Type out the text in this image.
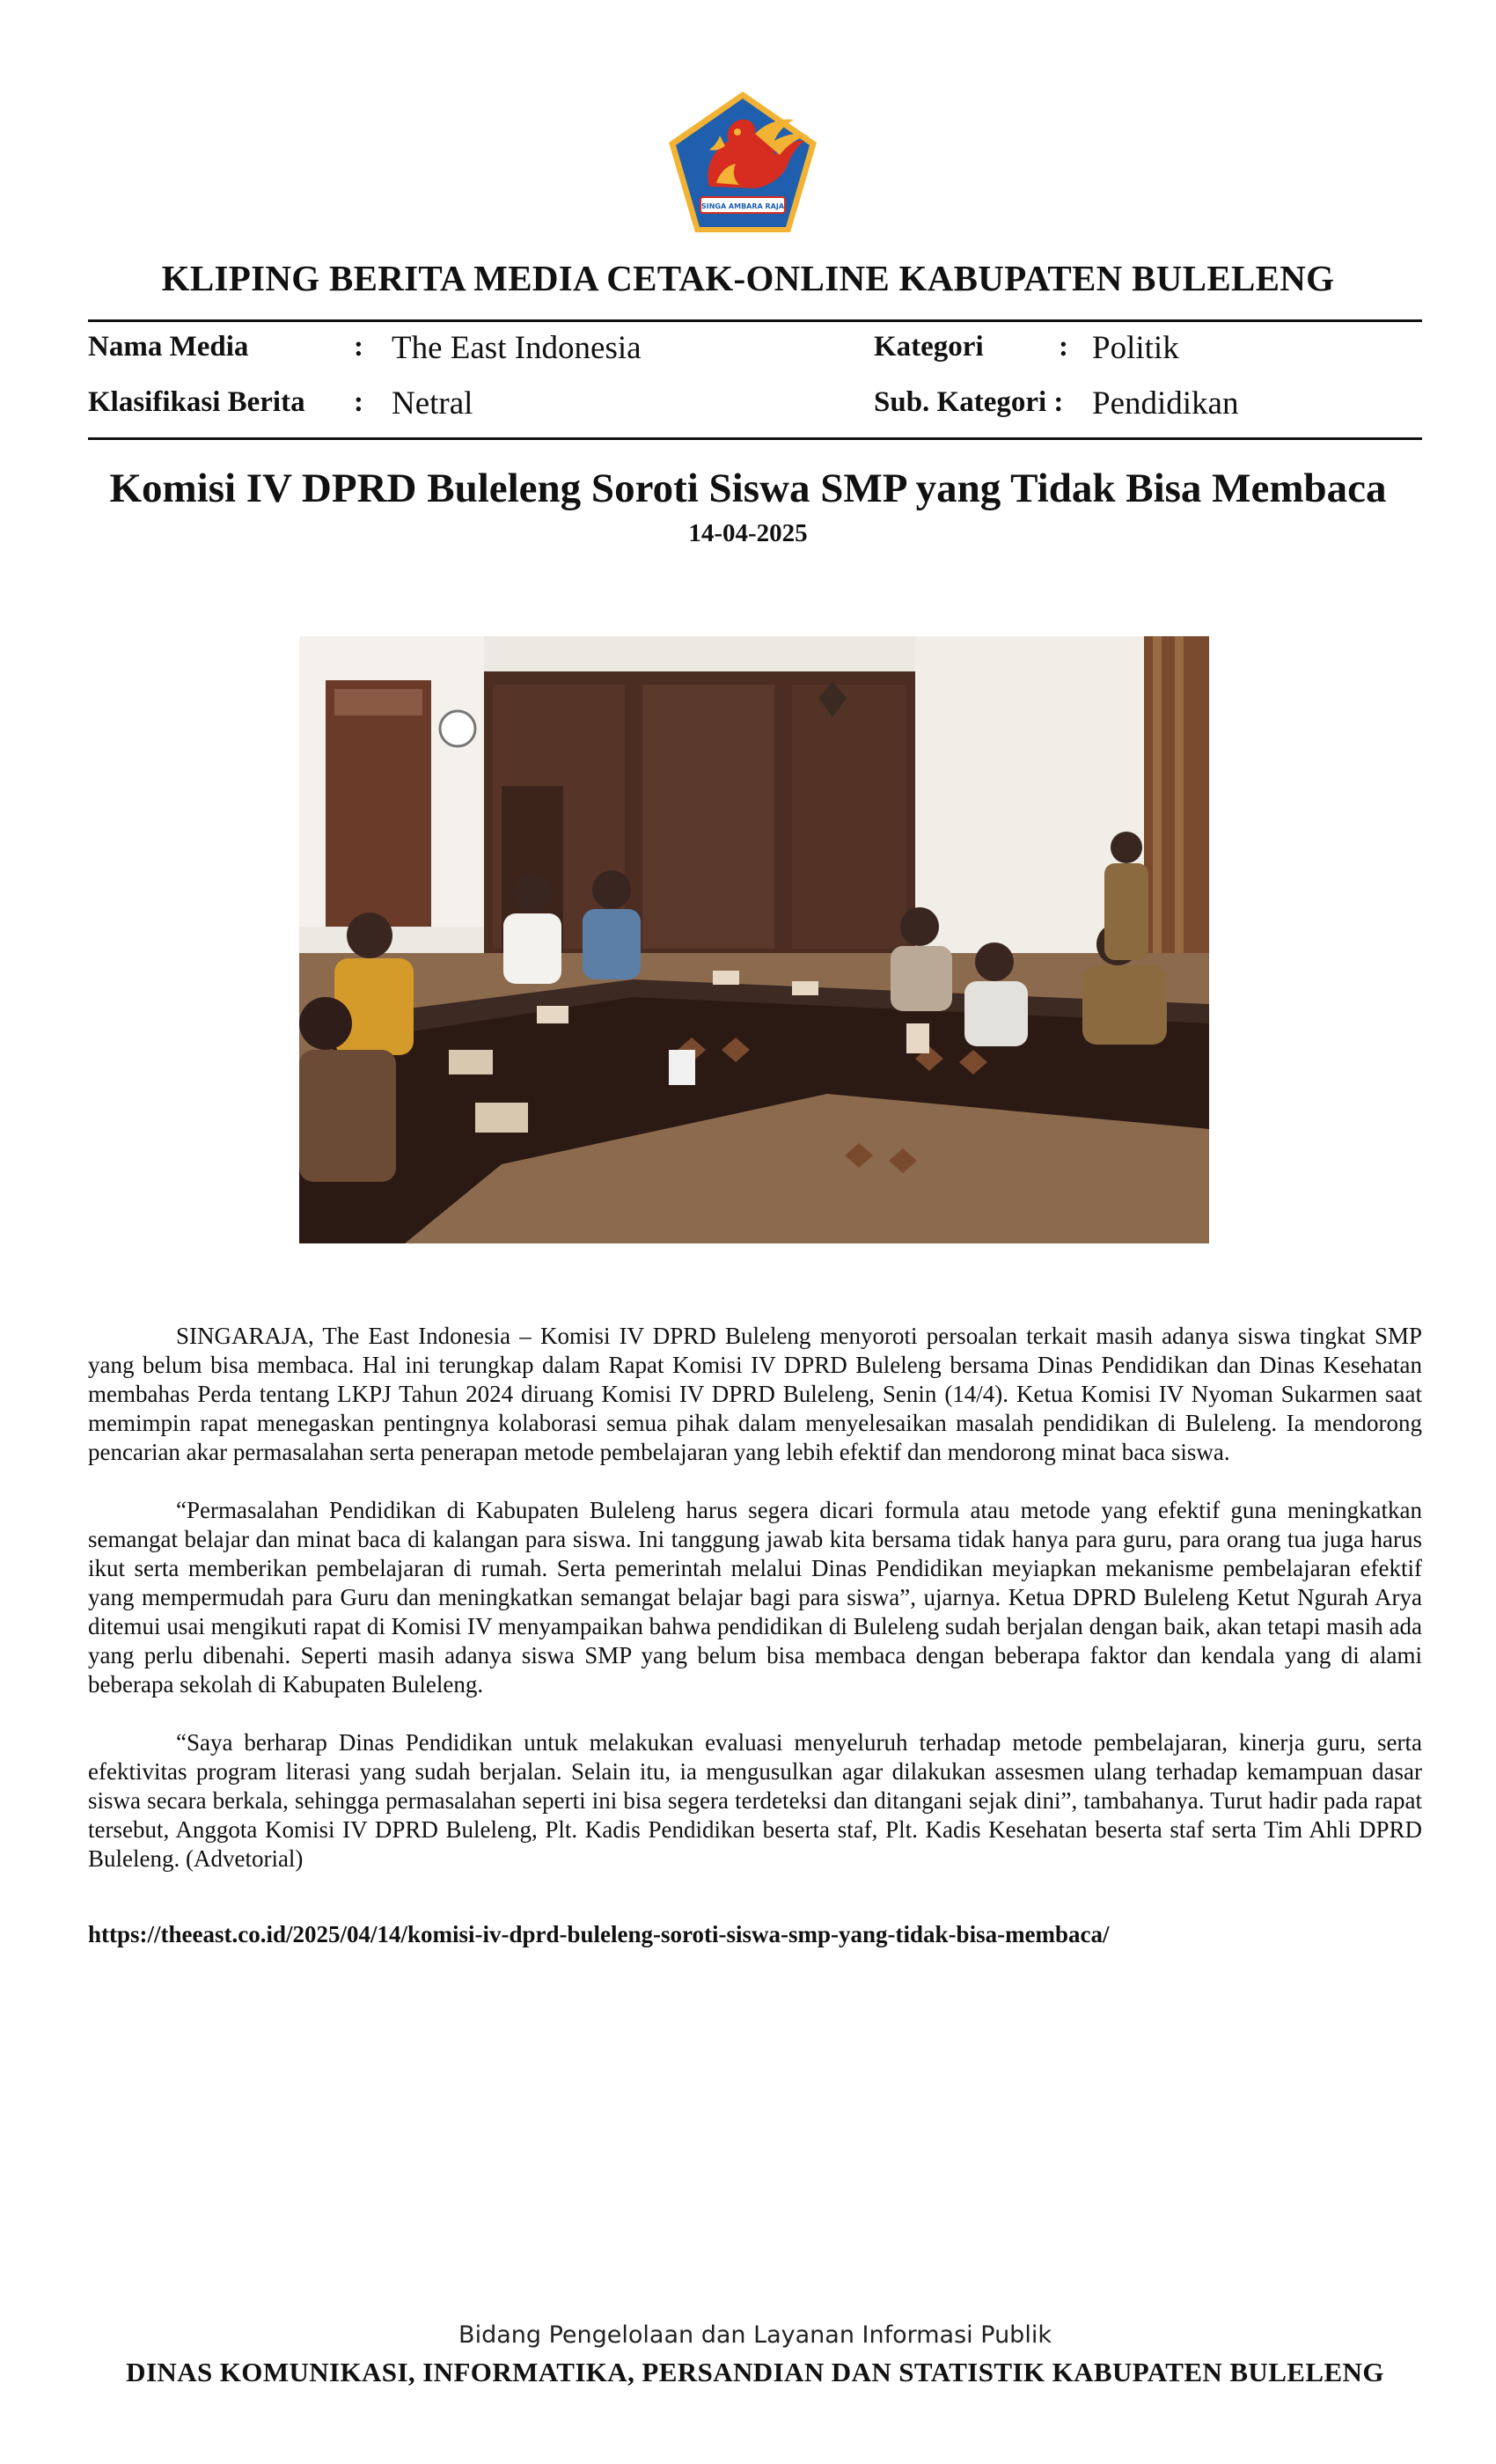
SINGA AMBARA RAJA
KLIPING BERITA MEDIA CETAK-ONLINE KABUPATEN BULELENG
Nama Media	: The East Indonesia	Kategori	: Politik
Klasifikasi Berita : Netral	Sub. Kategori : Pendidikan
Komisi IV DPRD Buleleng Soroti Siswa SMP yang Tidak Bisa Membaca
14-04-2025

SINGARAJA, The East Indonesia – Komisi IV DPRD Buleleng menyoroti persoalan terkait masih adanya siswa tingkat SMP yang belum bisa membaca. Hal ini terungkap dalam Rapat Komisi IV DPRD Buleleng bersama Dinas Pendidikan dan Dinas Kesehatan membahas Perda tentang LKPJ Tahun 2024 diruang Komisi IV DPRD Buleleng, Senin (14/4). Ketua Komisi IV Nyoman Sukarmen saat memimpin rapat menegaskan pentingnya kolaborasi semua pihak dalam menyelesaikan masalah pendidikan di Buleleng. Ia mendorong pencarian akar permasalahan serta penerapan metode pembelajaran yang lebih efektif dan mendorong minat baca siswa.

“Permasalahan Pendidikan di Kabupaten Buleleng harus segera dicari formula atau metode yang efektif guna meningkatkan semangat belajar dan minat baca di kalangan para siswa. Ini tanggung jawab kita bersama tidak hanya para guru, para orang tua juga harus ikut serta memberikan pembelajaran di rumah. Serta pemerintah melalui Dinas Pendidikan meyiapkan mekanisme pembelajaran efektif yang mempermudah para Guru dan meningkatkan semangat belajar bagi para siswa”, ujarnya. Ketua DPRD Buleleng Ketut Ngurah Arya ditemui usai mengikuti rapat di Komisi IV menyampaikan bahwa pendidikan di Buleleng sudah berjalan dengan baik, akan tetapi masih ada yang perlu dibenahi. Seperti masih adanya siswa SMP yang belum bisa membaca dengan beberapa faktor dan kendala yang di alami beberapa sekolah di Kabupaten Buleleng.

“Saya berharap Dinas Pendidikan untuk melakukan evaluasi menyeluruh terhadap metode pembelajaran, kinerja guru, serta efektivitas program literasi yang sudah berjalan. Selain itu, ia mengusulkan agar dilakukan assesmen ulang terhadap kemampuan dasar siswa secara berkala, sehingga permasalahan seperti ini bisa segera terdeteksi dan ditangani sejak dini”, tambahanya. Turut hadir pada rapat tersebut, Anggota Komisi IV DPRD Buleleng, Plt. Kadis Pendidikan beserta staf, Plt. Kadis Kesehatan beserta staf serta Tim Ahli DPRD Buleleng. (Advetorial)

https://theeast.co.id/2025/04/14/komisi-iv-dprd-buleleng-soroti-siswa-smp-yang-tidak-bisa-membaca/
Bidang Pengelolaan dan Layanan Informasi Publik
DINAS KOMUNIKASI, INFORMATIKA, PERSANDIAN DAN STATISTIK KABUPATEN BULELENG
